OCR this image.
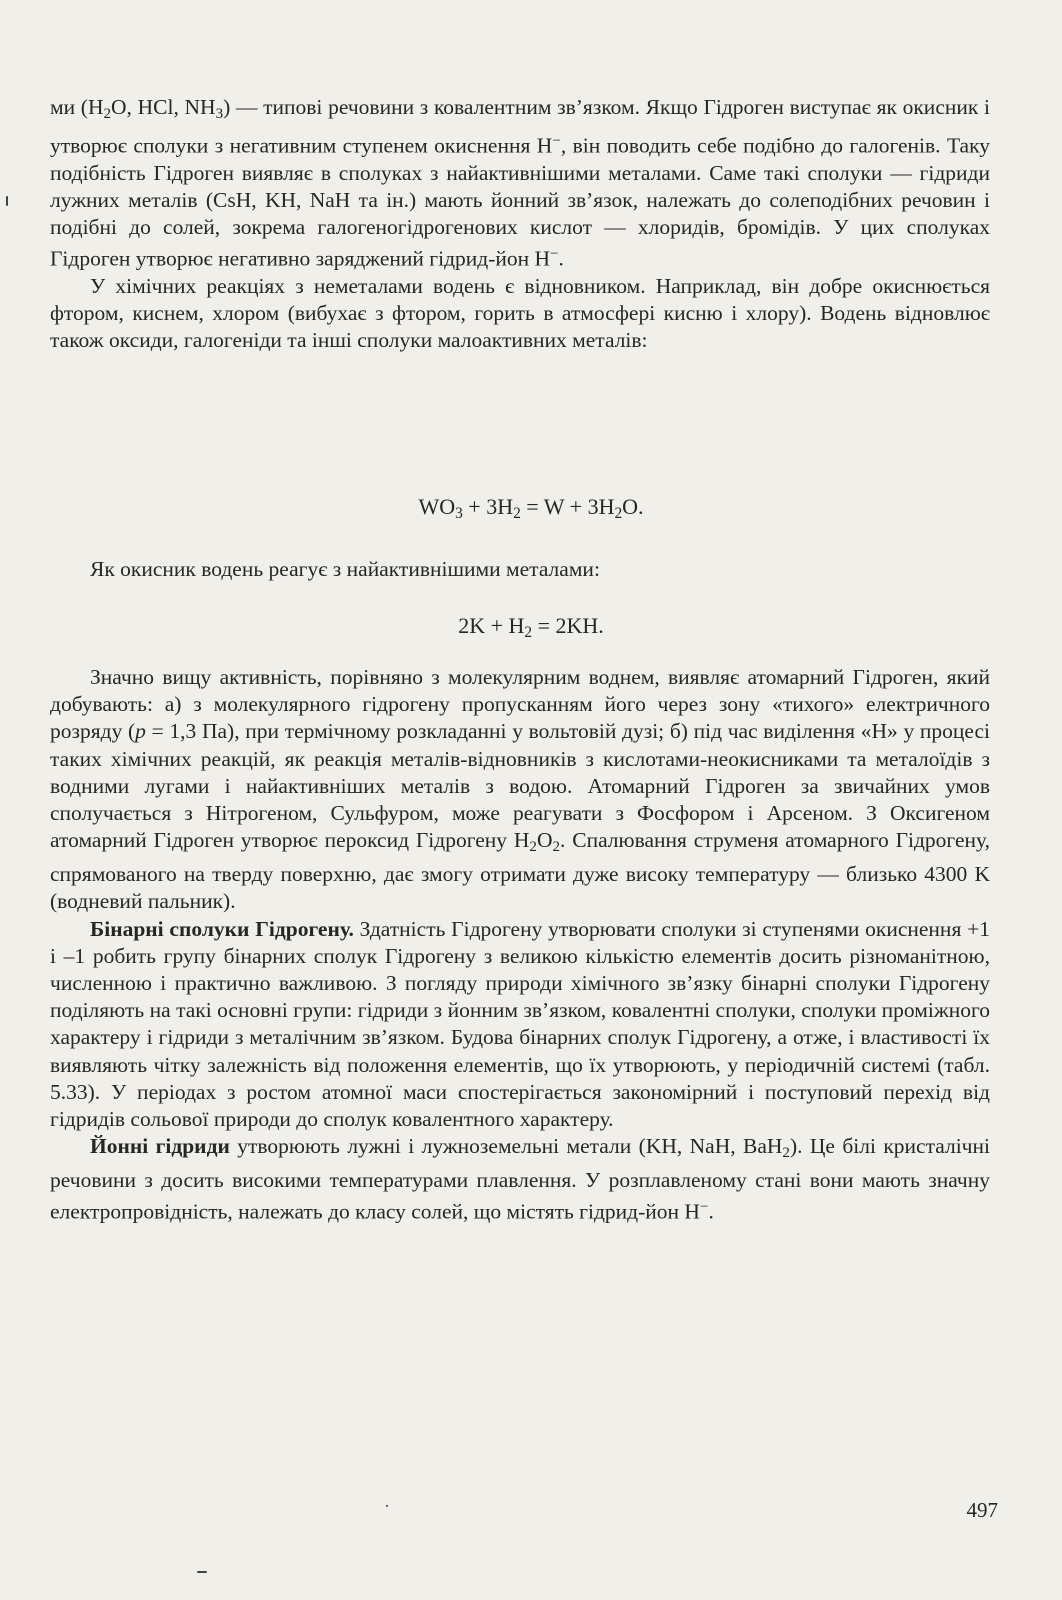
ми ($H_2O$, HCl, $NH_3$) — типові речовини з ковалентним зв’язком. Якщо Гідроген виступає як окисник і утворює сполуки з негативним ступенем окиснення H−, він поводить себе подібно до галогенів. Таку подібність Гідроген виявляє в сполуках з найактивнішими металами. Саме такі сполуки — гідриди лужних металів (CsH, KH, NaH та ін.) мають йонний зв’язок, належать до солеподібних речовин і подібні до солей, зокрема галогеногідрогенових кислот — хлоридів, бромідів. У цих сполуках Гідроген утворює негативно заряджений гідрид-йон H−.

У хімічних реакціях з неметалами водень є відновником. Наприклад, він добре окиснюється фтором, киснем, хлором (вибухає з фтором, горить в атмосфері кисню і хлору). Водень відновлює також оксиди, галогеніди та інші сполуки малоактивних металів:

$WO_3 + 3H_2 = W + 3H_2O$.

Як окисник водень реагує з найактивнішими металами:

$2K + H_2 = 2KH$.

Значно вищу активність, порівняно з молекулярним воднем, виявляє атомарний Гідроген, який добувають: а) з молекулярного гідрогену пропусканням його через зону «тихого» електричного розряду (p = 1,3 Па), при термічному розкладанні у вольтовій дузі; б) під час виділення «H» у процесі таких хімічних реакцій, як реакція металів-відновників з кислотами-неокисниками та металоїдів з водними лугами і найактивніших металів з водою. Атомарний Гідроген за звичайних умов сполучається з Нітрогеном, Сульфуром, може реагувати з Фосфором і Арсеном. З Оксигеном атомарний Гідроген утворює пероксид Гідрогену $H_2O_2$. Спалювання струменя атомарного Гідрогену, спрямованого на тверду поверхню, дає змогу отримати дуже високу температуру — близько 4300 K (водневий пальник).

Бінарні сполуки Гідрогену. Здатність Гідрогену утворювати сполуки зі ступенями окиснення +1 і –1 робить групу бінарних сполук Гідрогену з великою кількістю елементів досить різноманітною, численною і практично важливою. З погляду природи хімічного зв’язку бінарні сполуки Гідрогену поділяють на такі основні групи: гідриди з йонним зв’язком, ковалентні сполуки, сполуки проміжного характеру і гідриди з металічним зв’язком. Будова бінарних сполук Гідрогену, а отже, і властивості їх виявляють чітку залежність від положення елементів, що їх утворюють, у періодичній системі (табл. 5.33). У періодах з ростом атомної маси спостерігається закономірний і поступовий перехід від гідридів сольової природи до сполук ковалентного характеру.

Йонні гідриди утворюють лужні і лужноземельні метали (KH, NaH, BaH$_2$). Це білі кристалічні речовини з досить високими температурами плавлення. У розплавленому стані вони мають значну електропровідність, належать до класу солей, що містять гідрид-йон H−.

497
